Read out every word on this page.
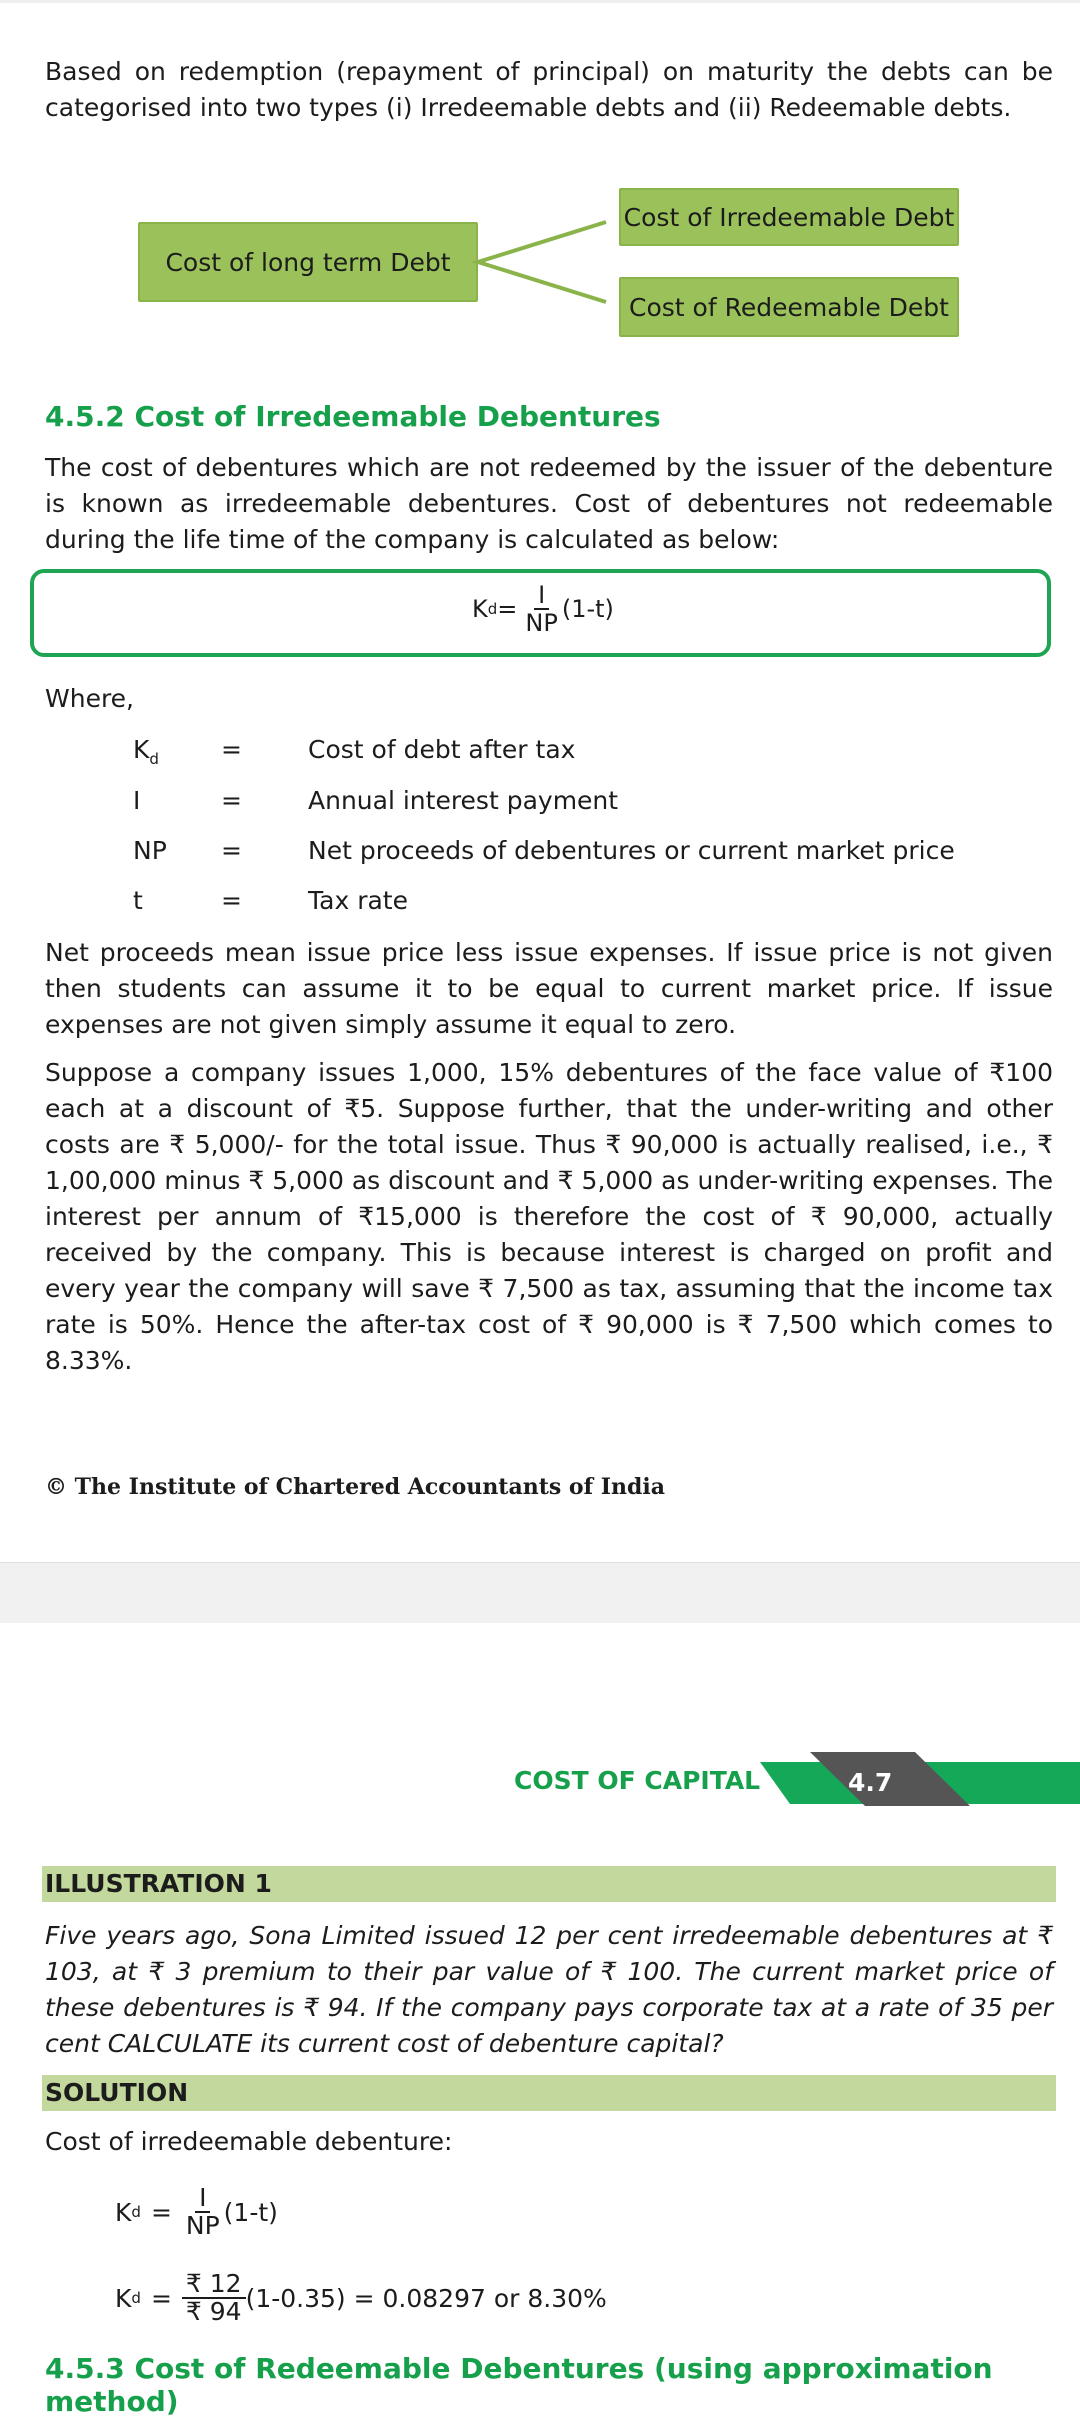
Based on redemption (repayment of principal) on maturity the debts can be categorised into two types (i) Irredeemable debts and (ii) Redeemable debts.
Cost of long term Debt
Cost of Irredeemable Debt
Cost of Redeemable Debt
4.5.2 Cost of Irredeemable Debentures
The cost of debentures which are not redeemed by the issuer of the debenture is known as irredeemable debentures. Cost of debentures not redeemable during the life time of the company is calculated as below:
K $d = \frac{I}{NP} (1-t)$
Where,
$K_d$ =	Cost of debt after tax
I	=	Annual interest payment
NP =	Net proceeds of debentures or current market price
t	=	Tax rate
Net proceeds mean issue price less issue expenses. If issue price is not given then students can assume it to be equal to current market price. If issue expenses are not given simply assume it equal to zero.
Suppose a company issues 1,000, 15% debentures of the face value of ₹100 each at a discount of ₹5. Suppose further, that the under-writing and other costs are ₹ 5,000/- for the total issue. Thus ₹ 90,000 is actually realised, i.e., ₹ 1,00,000 minus ₹ 5,000 as discount and ₹ 5,000 as under-writing expenses. The interest per annum of ₹15,000 is therefore the cost of ₹ 90,000, actually received by the company. This is because interest is charged on profit and every year the company will save ₹ 7,500 as tax, assuming that the income tax rate is 50%. Hence the after-tax cost of ₹ 90,000 is ₹ 7,500 which comes to 8.33%.
© The Institute of Chartered Accountants of India
COST OF CAPITAL	4.7
ILLUSTRATION 1
Five years ago, Sona Limited issued 12 per cent irredeemable debentures at ₹ 103, at ₹ 3 premium to their par value of ₹ 100. The current market price of these debentures is ₹ 94. If the company pays corporate tax at a rate of 35 per cent CALCULATE its current cost of debenture capital?
SOLUTION
Cost of irredeemable debenture:
K $d = \frac{I}{NP} (1-t)$
K $d = \frac{₹ 12}{₹ 94} (1-0.35) = 0.08297$ or 8.30%
4.5.3 Cost of Redeemable Debentures (using approximation method)
